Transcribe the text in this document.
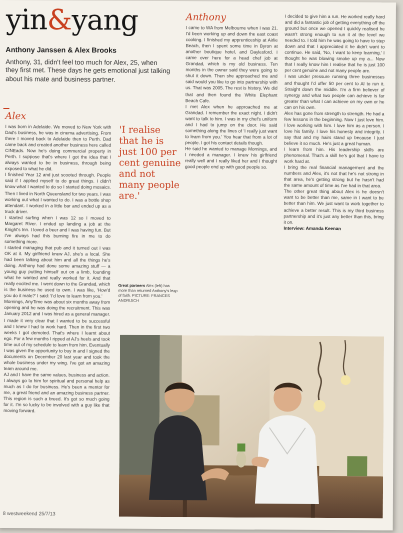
yin&yang
Anthony Janssen & Alex Brooks
Anthony, 31, didn't feel too much for Alex, 25, when they first met. These days he gets emotional just talking about his mate and business partner.
Alex

I was born in Adelaide. We moved to New York with Dad's business, he was in cinema advertising. From there I moved back to Adelaide then to Perth. Dad came back and created another business here called CINEads. Now he's doing commercial property in Perth. I suppose that's where I got the idea that I always wanted to be in business, through being exposed to what he did.

I finished Year 12 and just scooted through. People said if I applied myself to do great things. I didn't know what I wanted to do so I started doing mosaics. Then I lived in North Queensland for two years. I was working out what I wanted to do. I was a bottle shop attendant. I worked in a little bar and ended up as a truck driver.

I started surfing when I was 12 so I moved to Margaret River. I ended up landing a job at the Knight's Inn. I loved a beer and I was having fun. But I've always had this burning fire in me to do something more.

I started managing that pub and it turned out I was OK at it. My girlfriend knew AJ, she's a local. She had been talking about him and all the things he's doing. Anthony had done some amazing stuff — a young guy putting himself out on a limb, founding what he wanted and really worked for it. And that really excited me. I went down to the Grandad, which is the business he used to own. I was like, 'How'd you do it mate?' I said: 'I'd love to learn from you.'

Mornings, AnyTime was about six months away from opening and he was doing the recruitment. This was January 2012 and I was hired as a general manager. I made it very clear that I wanted to be successful and I knew I had to work hard. Then in the first two weeks I got demoted. That's where I learnt about ego. For a few months I ripped at AJ's heels and took time out of my schedule to learn from him. Eventually I was given the opportunity to buy in and I signed the documents on December 20 last year and took the whole business under my wing. I've got an amazing team around me.

AJ and I have the same values, business and action. I always go to him for spiritual and personal help as much as I do for business. He's been a mentor for me, a great friend and an amazing business partner. This region is such a breed. It's got so much going for it. I'm so lucky to be involved with a guy like that moving forward.

'I realise that he is just 100 per cent genuine and not many people are.'
Great partners Alex (left) has more than returned Anthony's leap of faith. PICTURE: FRANCES ANDRIJICH
Anthony

I came to WA from Melbourne when I was 21. I'd been working up and down the east coast cooking. I finished my apprenticeship at Airlie Beach, then I spent some time in Byron at another boutique hotel, and Daylesford. I came over here for a head chef job at Grandad, which is my old business. Ten months in the owner said they were going to shut it down. Then she approached me and said would you like to go into partnership with us. That was 2005. The rest is history. We did that and then found the White Elephant Beach Cafe.

I met Alex when he approached me at Grandad. I remember the exact night. I didn't want to talk to him. I was in my chef's uniform and I had to jump on the door. He said something along the lines of 'I really just want to learn from you.' You hear that from a lot of people. I got his contact details though.

He said he wanted to manage Mornings, and I needed a manager. I knew his girlfriend really well and I really liked her and I thought good people end up with good people so.

I decided to give him a run. He worked really hard and did a fantastic job of getting everything off the ground but once we opened I quickly realised he wasn't strong enough to run it at the level we needed to. I told him he was going to have to step down and that I appreciated it he didn't want to continue. He said, 'No, I want to keep learning.' I thought he was blowing smoke up my a... Now that I really know him I realise that he is just 100 per cent genuine and not many people are.

I was under pressure running three businesses and thought I'd offer 50 per cent to Al to run it. Straight down the middle. I'm a firm believer of synergy and what two people can achieve is far greater than what I can achieve on my own or he can on his own.

Alex has gone from strength to strength. He had a few lessons in the beginning. Now I just love him. I love working with him. I love him as a person. I love his family. I love his honesty and integrity. I say that and my hairs stand up because I just believe it so much. He's just a great human.

I learn from him. His leadership skills are phenomenal. That's a skill he's got that I have to work hard at.

I bring the real financial management and the numbers and Alex, it's not that he's not strong in that area, he's getting strong but he hasn't had the same amount of time as I've had in that area.

The other great thing about Alex is he doesn't want to be better than me, same in I want to be better than him. We just want to work together to achieve a better result. This is my third business partnership and it's just any better than this, bring it on.

Interview: Amanda Keenan

8 westweekend 25/7/13
